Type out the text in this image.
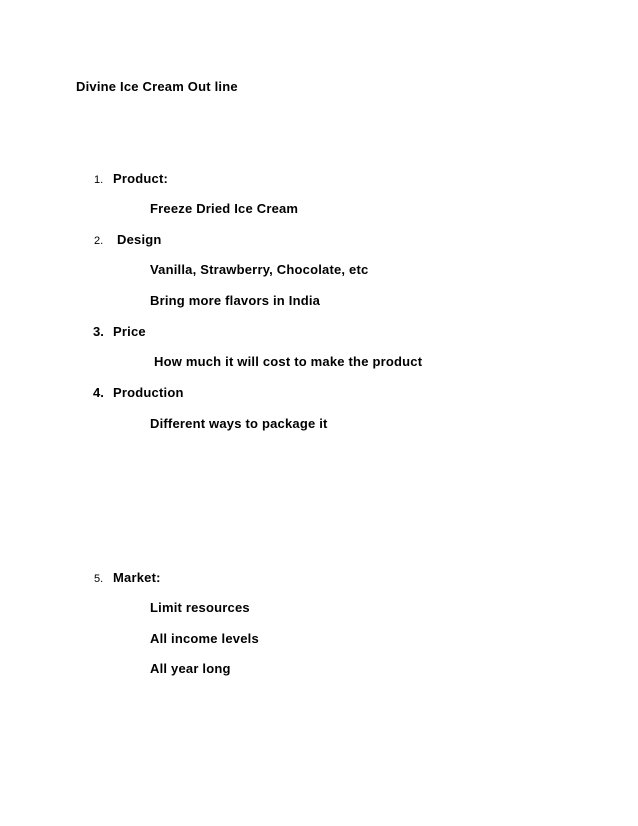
Divine Ice Cream Out line
1. Product:
Freeze Dried Ice Cream
2. Design
Vanilla, Strawberry, Chocolate, etc
Bring more flavors in India
3. Price
How much it will cost to make the product
4. Production
Different ways to package it
5. Market:
Limit resources
All income levels
All year long
